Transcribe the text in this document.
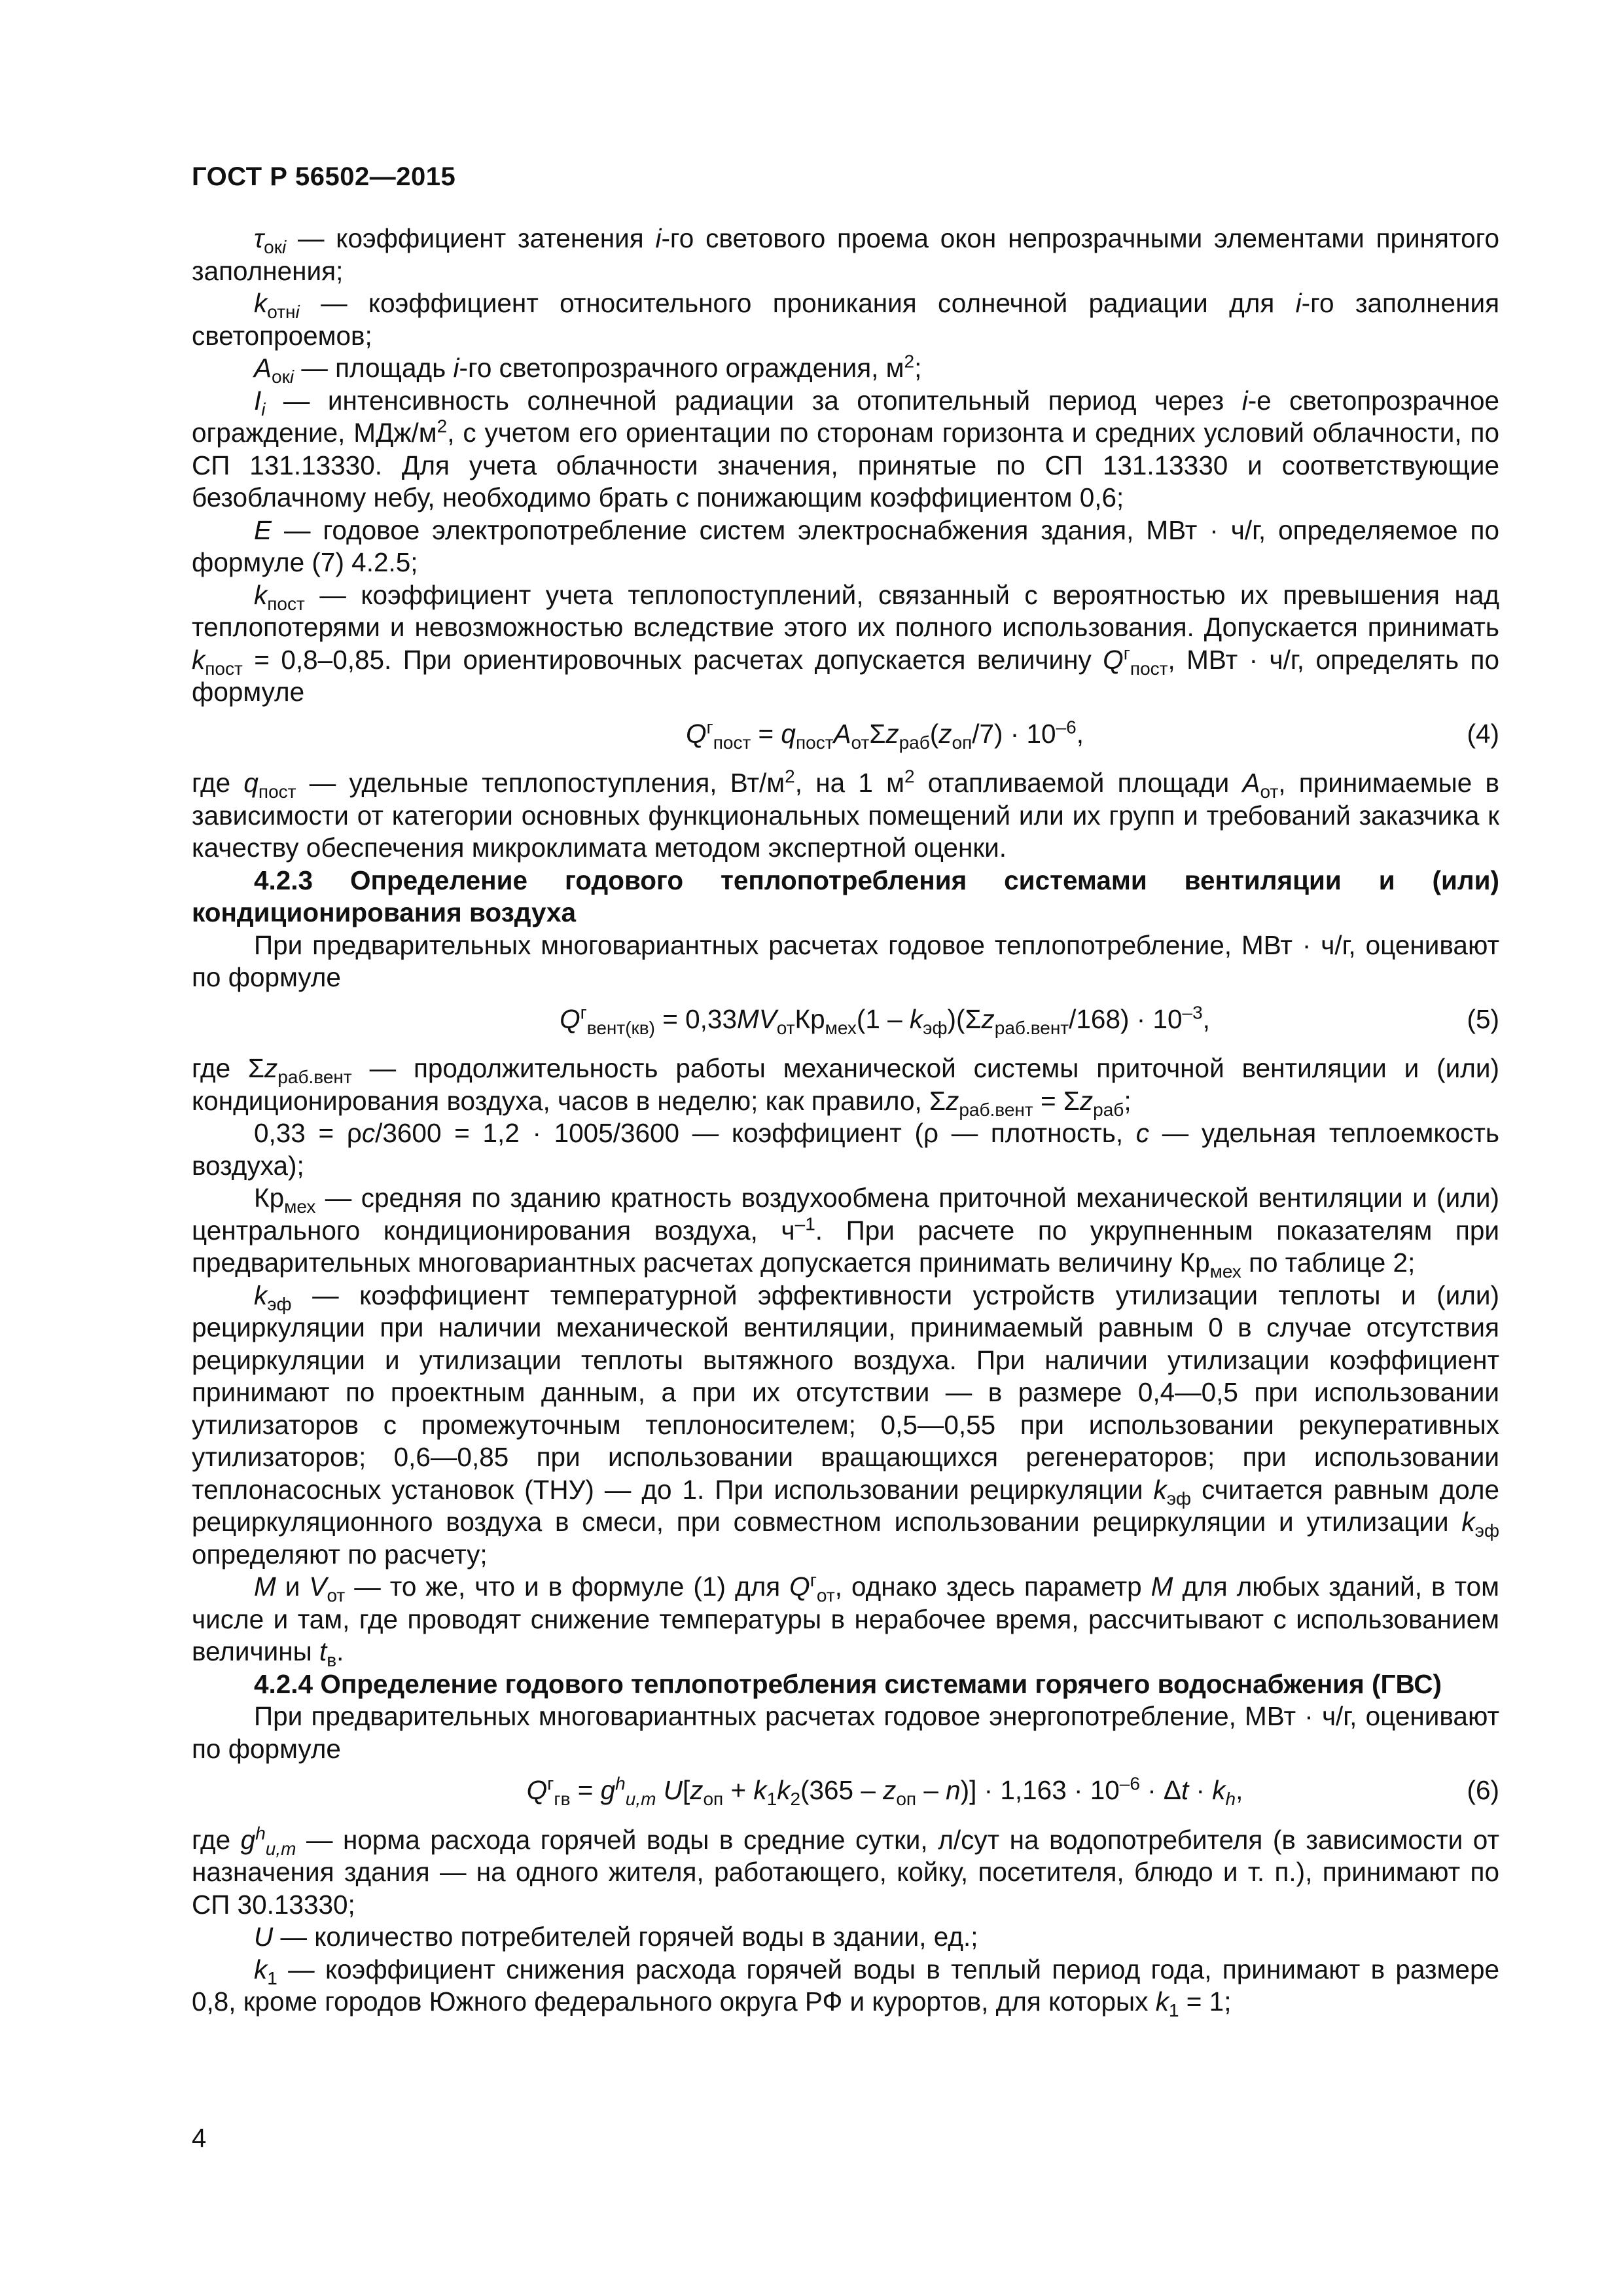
ГОСТ Р 56502—2015

$\tau_{окi}$ — коэффициент затенения i-го светового проема окон непрозрачными элементами принятого заполнения;

$k_{отнi}$ — коэффициент относительного проникания солнечной радиации для i-го заполнения светопроемов;

$A_{окi}$ — площадь i-го светопрозрачного ограждения, $м^2$;

$I_i$ — интенсивность солнечной радиации за отопительный период через i-е светопрозрачное ограждение, МДж/$м^2$, с учетом его ориентации по сторонам горизонта и средних условий облачности, по СП 131.13330. Для учета облачности значения, принятые по СП 131.13330 и соответствующие безоблачному небу, необходимо брать с понижающим коэффициентом 0,6;

E — годовое электропотребление систем электроснабжения здания, МВт · ч/г, определяемое по формуле (7) 4.2.5;

$k_{пост}$ — коэффициент учета теплопоступлений, связанный с вероятностью их превышения над теплопотерями и невозможностью вследствие этого их полного использования. Допускается принимать $k_{пост} = 0,8-0,85$. При ориентировочных расчетах допускается величину $Q^г_{пост}$, МВт · ч/г, определять по формуле

$Q^г_{пост} = q_{пост}A_{от}\Sigma z_{раб}(z_{оп}/7) \cdot 10^{-6}$,	(4)

где $q_{пост}$ — удельные теплопоступления, $Вт/м^2$, на 1 $м^2$ отапливаемой площади $A_{от}$, принимаемые в зависимости от категории основных функциональных помещений или их групп и требований заказчика к качеству обеспечения микроклимата методом экспертной оценки.

4.2.3 Определение годового теплопотребления системами вентиляции и (или) кондиционирования воздуха

При предварительных многовариантных расчетах годовое теплопотребление, МВт · ч/г, оценивают по формуле

$Q^г_{вент(кв)} = 0,33MV_{от}Кр_{мех}(1 - k_{эф})(\Sigma z_{раб.вент}/168) \cdot 10^{-3}$,	(5)

где $\Sigma z_{раб.вент}$ — продолжительность работы механической системы приточной вентиляции и (или) кондиционирования воздуха, часов в неделю; как правило, $\Sigma z_{раб.вент} = \Sigma z_{раб}$;

0,33 = ρc/3600 = 1,2 · 1005/3600 — коэффициент (ρ — плотность, c — удельная теплоемкость воздуха);

$Кр_{мех}$ — средняя по зданию кратность воздухообмена приточной механической вентиляции и (или) центрального кондиционирования воздуха, $ч^{-1}$. При расчете по укрупненным показателям при предварительных многовариантных расчетах допускается принимать величину $Кр_{мех}$ по таблице 2;

$k_{эф}$ — коэффициент температурной эффективности устройств утилизации теплоты и (или) рециркуляции при наличии механической вентиляции, принимаемый равным 0 в случае отсутствия рециркуляции и утилизации теплоты вытяжного воздуха. При наличии утилизации коэффициент принимают по проектным данным, а при их отсутствии — в размере 0,4—0,5 при использовании утилизаторов с промежуточным теплоносителем; 0,5—0,55 при использовании рекуперативных утилизаторов; 0,6—0,85 при использовании вращающихся регенераторов; при использовании теплонасосных установок (ТНУ) — до 1. При использовании рециркуляции $k_{эф}$ считается равным доле рециркуляционного воздуха в смеси, при совместном использовании рециркуляции и утилизации $k_{эф}$ определяют по расчету;

M и $V_{от}$ — то же, что и в формуле (1) для $Q^г_{от}$, однако здесь параметр M для любых зданий, в том числе и там, где проводят снижение температуры в нерабочее время, рассчитывают с использованием величины $t_в$.

4.2.4 Определение годового теплопотребления системами горячего водоснабжения (ГВС)

При предварительных многовариантных расчетах годовое энергопотребление, МВт · ч/г, оценивают по формуле

$Q^г_{гв} = g^h_{u,m}$ $U[z_{оп} + k_1k_2(365 - z_{оп} - n)] \cdot 1,163 \cdot 10^{-6} \cdot \Delta t \cdot k_h$,	(6)

где $g^h_{u,m}$ — норма расхода горячей воды в средние сутки, л/сут на водопотребителя (в зависимости от назначения здания — на одного жителя, работающего, койку, посетителя, блюдо и т. п.), принимают по СП 30.13330;

U — количество потребителей горячей воды в здании, ед.;

$k_1$ — коэффициент снижения расхода горячей воды в теплый период года, принимают в размере 0,8, кроме городов Южного федерального округа РФ и курортов, для которых $k_1 = 1$;

4
